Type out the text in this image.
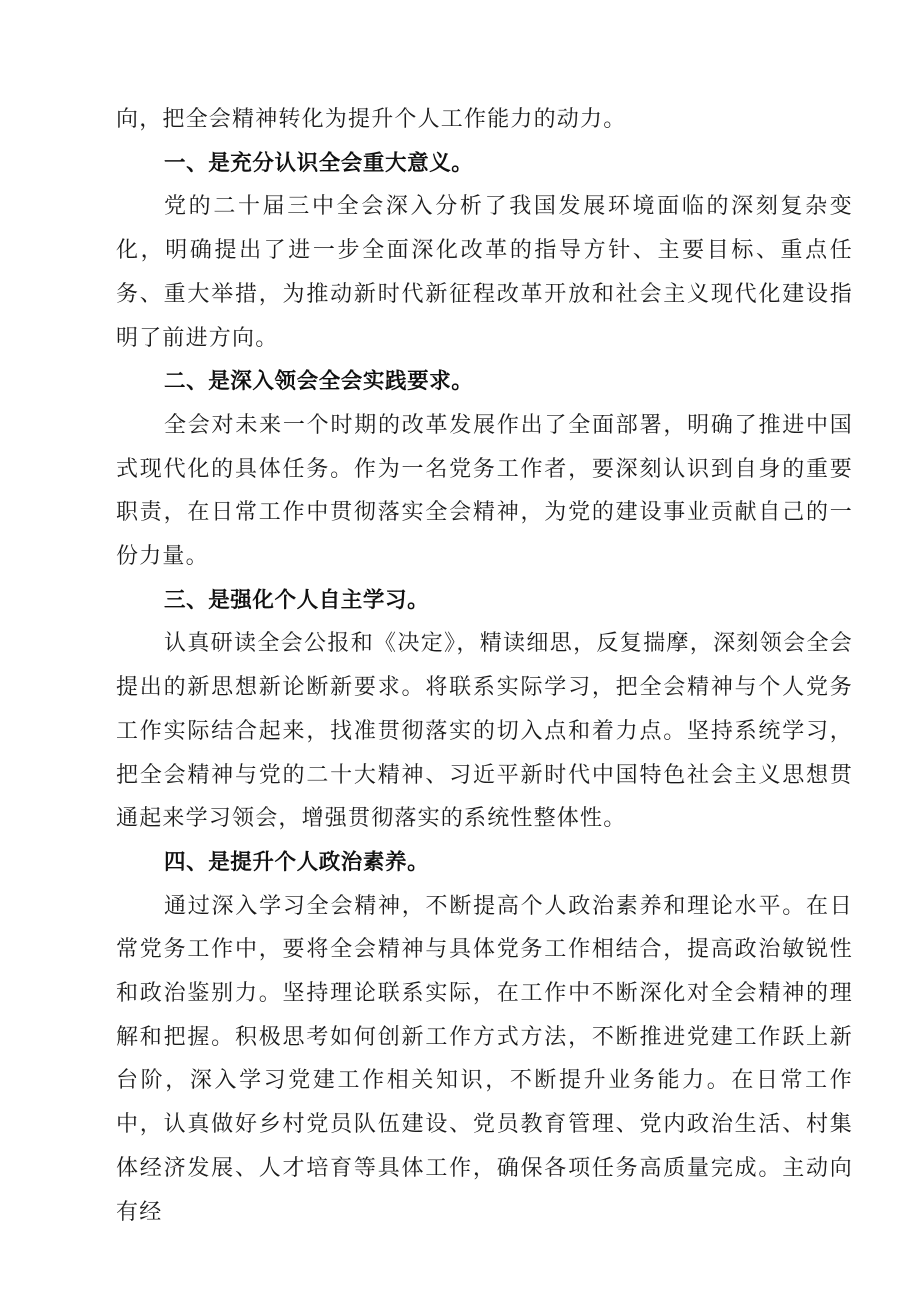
向，把全会精神转化为提升个人工作能力的动力。

一、是充分认识全会重大意义。

党的二十届三中全会深入分析了我国发展环境面临的深刻复杂变化，明确提出了进一步全面深化改革的指导方针、主要目标、重点任务、重大举措，为推动新时代新征程改革开放和社会主义现代化建设指明了前进方向。

二、是深入领会全会实践要求。

全会对未来一个时期的改革发展作出了全面部署，明确了推进中国式现代化的具体任务。作为一名党务工作者，要深刻认识到自身的重要职责，在日常工作中贯彻落实全会精神，为党的建设事业贡献自己的一份力量。

三、是强化个人自主学习。

认真研读全会公报和《决定》，精读细思，反复揣摩，深刻领会全会提出的新思想新论断新要求。将联系实际学习，把全会精神与个人党务工作实际结合起来，找准贯彻落实的切入点和着力点。坚持系统学习，把全会精神与党的二十大精神、习近平新时代中国特色社会主义思想贯通起来学习领会，增强贯彻落实的系统性整体性。

四、是提升个人政治素养。

通过深入学习全会精神，不断提高个人政治素养和理论水平。在日常党务工作中，要将全会精神与具体党务工作相结合，提高政治敏锐性和政治鉴别力。坚持理论联系实际，在工作中不断深化对全会精神的理解和把握。积极思考如何创新工作方式方法，不断推进党建工作跃上新台阶，深入学习党建工作相关知识，不断提升业务能力。在日常工作中，认真做好乡村党员队伍建设、党员教育管理、党内政治生活、村集体经济发展、人才培育等具体工作，确保各项任务高质量完成。主动向有经
